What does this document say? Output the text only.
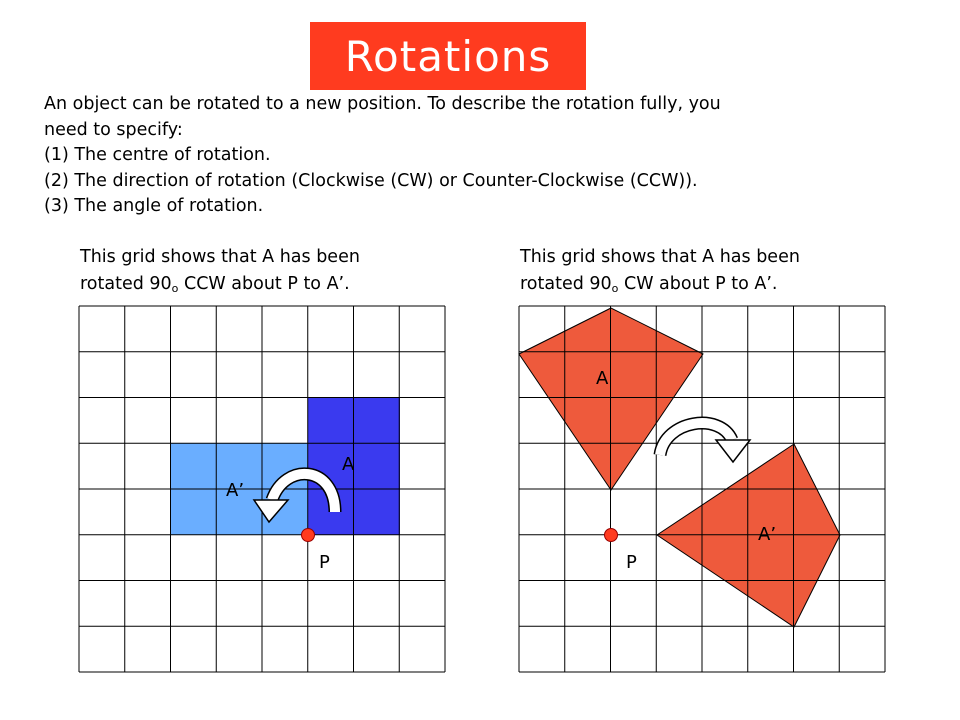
Rotations
An object can be rotated to a new position. To describe the rotation fully, you
need to specify:
(1) The centre of rotation.
(2) The direction of rotation (Clockwise (CW) or Counter-Clockwise (CCW)).
(3) The angle of rotation.
This grid shows that A has been
rotated 90o CCW about P to A’.
This grid shows that A has been
rotated 90o CW about P to A’.
A
A’
P
A
A’
P
